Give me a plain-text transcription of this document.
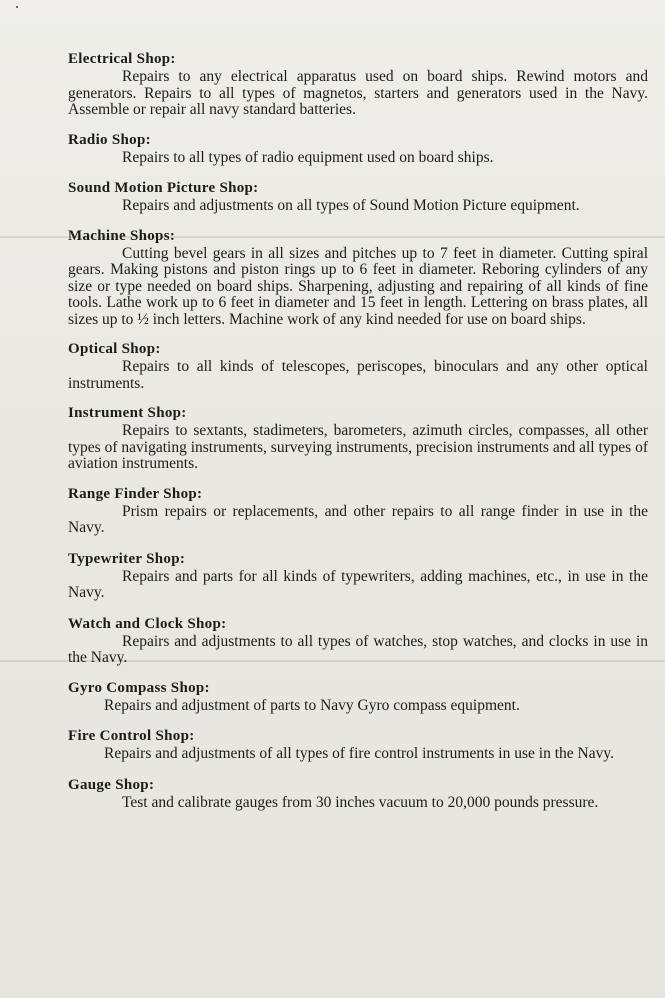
Electrical Shop:

Repairs to any electrical apparatus used on board ships. Rewind motors and generators. Repairs to all types of magnetos, starters and generators used in the Navy. Assemble or repair all navy standard batteries.

Radio Shop:

Repairs to all types of radio equipment used on board ships.

Sound Motion Picture Shop:

Repairs and adjustments on all types of Sound Motion Picture equipment.

Machine Shops:

Cutting bevel gears in all sizes and pitches up to 7 feet in diameter. Cutting spiral gears. Making pistons and piston rings up to 6 feet in diameter. Reboring cylinders of any size or type needed on board ships. Sharpening, adjusting and repairing of all kinds of fine tools. Lathe work up to 6 feet in diameter and 15 feet in length. Lettering on brass plates, all sizes up to ½ inch letters. Machine work of any kind needed for use on board ships.

Optical Shop:

Repairs to all kinds of telescopes, periscopes, binoculars and any other optical instruments.

Instrument Shop:

Repairs to sextants, stadimeters, barometers, azimuth circles, compasses, all other types of navigating instruments, surveying instruments, precision instruments and all types of aviation instruments.

Range Finder Shop:

Prism repairs or replacements, and other repairs to all range finder in use in the Navy.

Typewriter Shop:

Repairs and parts for all kinds of typewriters, adding machines, etc., in use in the Navy.

Watch and Clock Shop:

Repairs and adjustments to all types of watches, stop watches, and clocks in use in the Navy.

Gyro Compass Shop:

Repairs and adjustment of parts to Navy Gyro compass equipment.

Fire Control Shop:

Repairs and adjustments of all types of fire control instruments in use in the Navy.

Gauge Shop:

Test and calibrate gauges from 30 inches vacuum to 20,000 pounds pressure.
